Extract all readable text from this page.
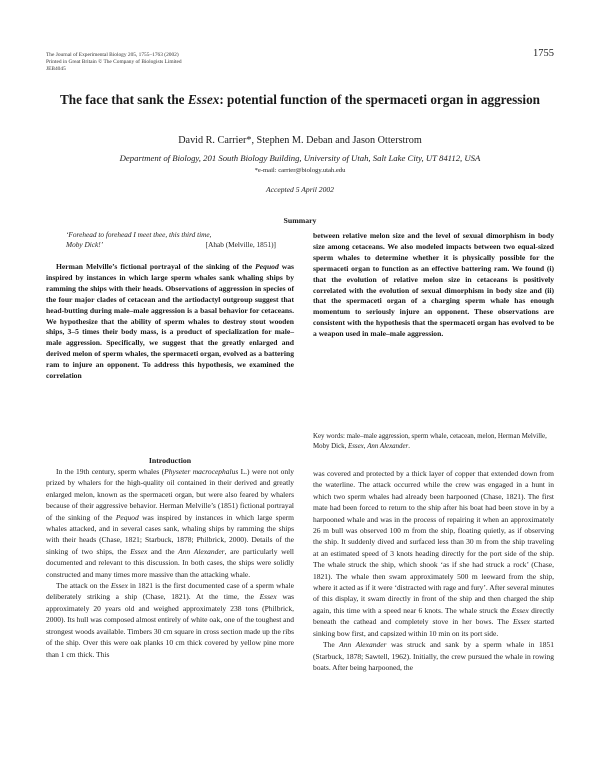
The Journal of Experimental Biology 205, 1755–1763 (2002)
Printed in Great Britain © The Company of Biologists Limited
JEB4045
1755
The face that sank the Essex: potential function of the spermaceti organ in aggression
David R. Carrier*, Stephen M. Deban and Jason Otterstrom
Department of Biology, 201 South Biology Building, University of Utah, Salt Lake City, UT 84112, USA
*e-mail: carrier@biology.utah.edu
Accepted 5 April 2002
Summary
‘Forehead to forehead I meet thee, this third time,
Moby Dick!’	[Ahab (Melville, 1851)]
Herman Melville’s fictional portrayal of the sinking of the Pequod was inspired by instances in which large sperm whales sank whaling ships by ramming the ships with their heads. Observations of aggression in species of the four major clades of cetacean and the artiodactyl outgroup suggest that head-butting during male–male aggression is a basal behavior for cetaceans. We hypothesize that the ability of sperm whales to destroy stout wooden ships, 3–5 times their body mass, is a product of specialization for male–male aggression. Specifically, we suggest that the greatly enlarged and derived melon of sperm whales, the spermaceti organ, evolved as a battering ram to injure an opponent. To address this hypothesis, we examined the correlation
between relative melon size and the level of sexual dimorphism in body size among cetaceans. We also modeled impacts between two equal-sized sperm whales to determine whether it is physically possible for the spermaceti organ to function as an effective battering ram. We found (i) that the evolution of relative melon size in cetaceans is positively correlated with the evolution of sexual dimorphism in body size and (ii) that the spermaceti organ of a charging sperm whale has enough momentum to seriously injure an opponent. These observations are consistent with the hypothesis that the spermaceti organ has evolved to be a weapon used in male–male aggression.
Key words: male–male aggression, sperm whale, cetacean, melon, Herman Melville, Moby Dick, Essex, Ann Alexander.
Introduction

In the 19th century, sperm whales (Physeter macrocephalus L.) were not only prized by whalers for the high-quality oil contained in their derived and greatly enlarged melon, known as the spermaceti organ, but were also feared by whalers because of their aggressive behavior. Herman Melville’s (1851) fictional portrayal of the sinking of the Pequod was inspired by instances in which large sperm whales attacked, and in several cases sank, whaling ships by ramming the ships with their heads (Chase, 1821; Starbuck, 1878; Philbrick, 2000). Details of the sinking of two ships, the Essex and the Ann Alexander, are particularly well documented and relevant to this discussion. In both cases, the ships were solidly constructed and many times more massive than the attacking whale.

The attack on the Essex in 1821 is the first documented case of a sperm whale deliberately striking a ship (Chase, 1821). At the time, the Essex was approximately 20 years old and weighed approximately 238 tons (Philbrick, 2000). Its hull was composed almost entirely of white oak, one of the toughest and strongest woods available. Timbers 30 cm square in cross section made up the ribs of the ship. Over this were oak planks 10 cm thick covered by yellow pine more than 1 cm thick. This

was covered and protected by a thick layer of copper that extended down from the waterline. The attack occurred while the crew was engaged in a hunt in which two sperm whales had already been harpooned (Chase, 1821). The first mate had been forced to return to the ship after his boat had been stove in by a harpooned whale and was in the process of repairing it when an approximately 26 m bull was observed 100 m from the ship, floating quietly, as if observing the ship. It suddenly dived and surfaced less than 30 m from the ship traveling at an estimated speed of 3 knots heading directly for the port side of the ship. The whale struck the ship, which shook ‘as if she had struck a rock’ (Chase, 1821). The whale then swam approximately 500 m leeward from the ship, where it acted as if it were ‘distracted with rage and fury’. After several minutes of this display, it swam directly in front of the ship and then charged the ship again, this time with a speed near 6 knots. The whale struck the Essex directly beneath the cathead and completely stove in her bows. The Essex started sinking bow first, and capsized within 10 min on its port side.

The Ann Alexander was struck and sank by a sperm whale in 1851 (Starbuck, 1878; Sawtell, 1962). Initially, the crew pursued the whale in rowing boats. After being harpooned, the
